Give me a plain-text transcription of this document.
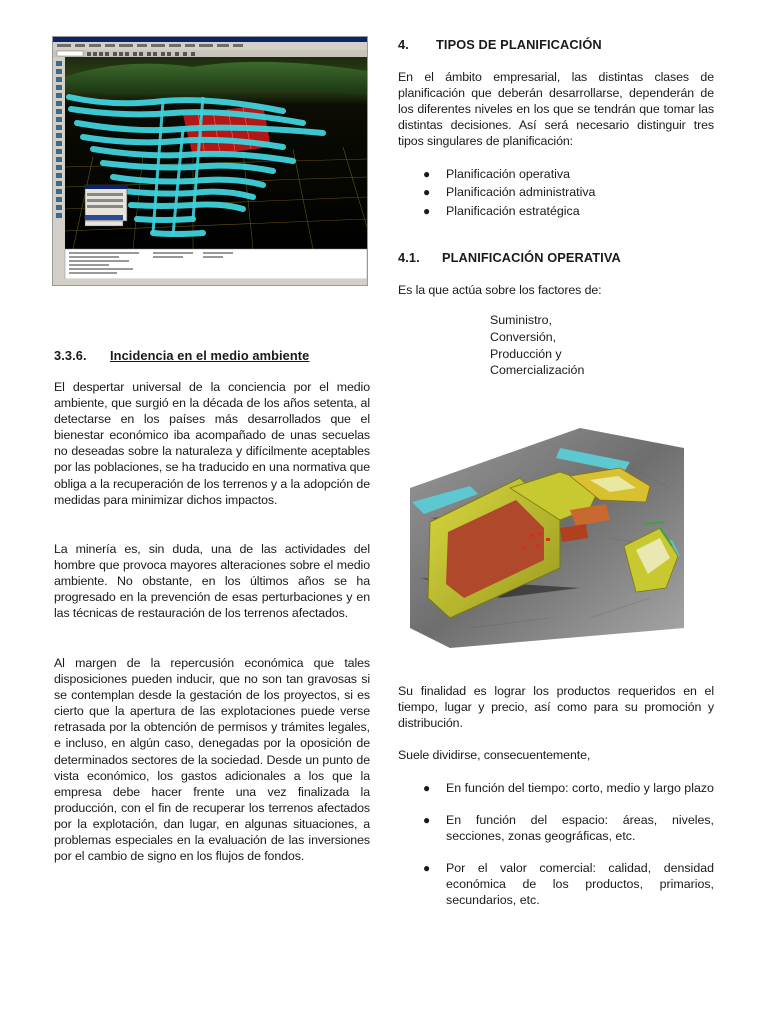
3.3.6. Incidencia en el medio ambiente

El despertar universal de la conciencia por el medio ambiente, que surgió en la década de los años setenta, al detectarse en los países más desarrollados que el bienestar económico iba acompañado de unas secuelas no deseadas sobre la naturaleza y difícilmente aceptables por las poblaciones, se ha traducido en una normativa que obliga a la recuperación de los terrenos y a la adopción de medidas para minimizar dichos impactos.

La minería es, sin duda, una de las actividades del hombre que provoca mayores alteraciones sobre el medio ambiente. No obstante, en los últimos años se ha progresado en la prevención de esas perturbaciones y en las técnicas de restauración de los terrenos afectados.

Al margen de la repercusión económica que tales disposiciones pueden inducir, que no son tan gravosas si se contemplan desde la gestación de los proyectos, si es cierto que la apertura de las explotaciones puede verse retrasada por la obtención de permisos y trámites legales, e incluso, en algún caso, denegadas por la oposición de determinados sectores de la sociedad. Desde un punto de vista económico, los gastos adicionales a los que la empresa debe hacer frente una vez finalizada la producción, con el fin de recuperar los terrenos afectados por la explotación, dan lugar, en algunas situaciones, a problemas especiales en la evaluación de las inversiones por el cambio de signo en los flujos de fondos.

4. TIPOS DE PLANIFICACIÓN

En el ámbito empresarial, las distintas clases de planificación que deberán desarrollarse, dependerán de los diferentes niveles en los que se tendrán que tomar las distintas decisiones. Así será necesario distinguir tres tipos singulares de planificación:

● Planificación operativa
● Planificación administrativa
● Planificación estratégica
4.1. PLANIFICACIÓN OPERATIVA

Es la que actúa sobre los factores de:

Suministro,
Conversión,
Producción y
Comercialización

Su finalidad es lograr los productos requeridos en el tiempo, lugar y precio, así como para su promoción y distribución.

Suele dividirse, consecuentemente,

● En función del tiempo: corto, medio y largo plazo
● En función del espacio: áreas, niveles, secciones, zonas geográficas, etc.
● Por el valor comercial: calidad, densidad económica de los productos, primarios, secundarios, etc.
